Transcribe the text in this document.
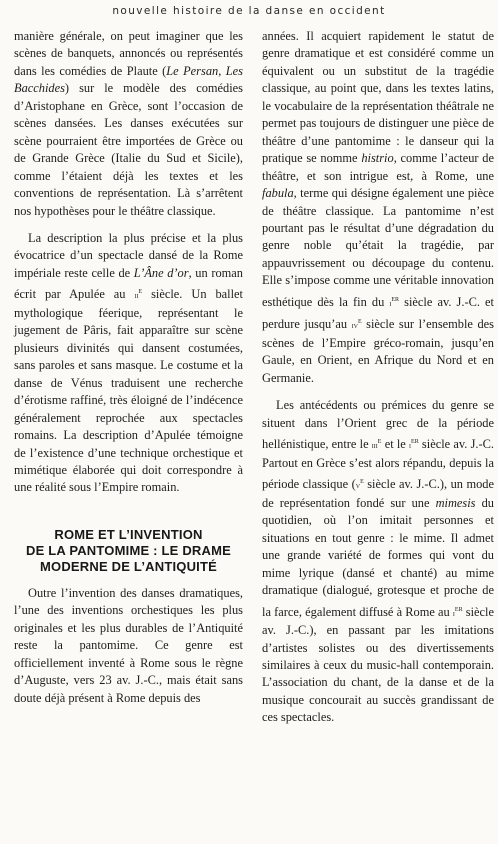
nouvelle histoire de la danse en occident

manière générale, on peut imaginer que les scènes de banquets, annoncés ou représentés dans les comédies de Plaute (Le Persan, Les Bacchides) sur le modèle des comédies d’Aristophane en Grèce, sont l’occasion de scènes dansées. Les danses exécutées sur scène pourraient être importées de Grèce ou de Grande Grèce (Italie du Sud et Sicile), comme l’étaient déjà les textes et les conventions de représentation. Là s’arrêtent nos hypothèses pour le théâtre classique.

La description la plus précise et la plus évocatrice d’un spectacle dansé de la Rome impériale reste celle de L’Âne d’or, un roman écrit par Apulée au $ii^e$ siècle. Un ballet mythologique féerique, représentant le jugement de Pâris, fait apparaître sur scène plusieurs divinités qui dansent costumées, sans paroles et sans masque. Le costume et la danse de Vénus traduisent une recherche d’érotisme raffiné, très éloigné de l’indécence généralement reprochée aux spectacles romains. La description d’Apulée témoigne de l’existence d’une technique orchestique et mimétique élaborée qui doit correspondre à une réalité sous l’Empire romain.

ROME ET L’INVENTION
DE LA PANTOMIME : LE DRAME
MODERNE DE L’ANTIQUITÉ

Outre l’invention des danses dramatiques, l’une des inventions orchestiques les plus originales et les plus durables de l’Antiquité reste la pantomime. Ce genre est officiellement inventé à Rome sous le règne d’Auguste, vers 23 av. J.-C., mais était sans doute déjà présent à Rome depuis des

années. Il acquiert rapidement le statut de genre dramatique et est considéré comme un équivalent ou un substitut de la tragédie classique, au point que, dans les textes latins, le vocabulaire de la représentation théâtrale ne permet pas toujours de distinguer une pièce de théâtre d’une pantomime : le danseur qui la pratique se nomme histrio, comme l’acteur de théâtre, et son intrigue est, à Rome, une fabula, terme qui désigne également une pièce de théâtre classique. La pantomime n’est pourtant pas le résultat d’une dégradation du genre noble qu’était la tragédie, par appauvrissement ou découpage du contenu. Elle s’impose comme une véritable innovation esthétique dès la fin du $i^{er}$ siècle av. J.-C. et perdure jusqu’au $iv^e$ siècle sur l’ensemble des scènes de l’Empire gréco-romain, jusqu’en Gaule, en Orient, en Afrique du Nord et en Germanie.

Les antécédents ou prémices du genre se situent dans l’Orient grec de la période hellénistique, entre le iii$^e$ et le $i^{er}$ siècle av. J.-C. Partout en Grèce s’est alors répandu, depuis la période classique ($v^e$ siècle av. J.-C.), un mode de représentation fondé sur une mimesis du quotidien, où l’on imitait personnes et situations en tout genre : le mime. Il admet une grande variété de formes qui vont du mime lyrique (dansé et chanté) au mime dramatique (dialogué, grotesque et proche de la farce, également diffusé à Rome au $i^{er}$ siècle av. J.-C.), en passant par les imitations d’artistes solistes ou des divertissements similaires à ceux du music-hall contemporain. L’association du chant, de la danse et de la musique concourait au succès grandissant de ces spectacles.
